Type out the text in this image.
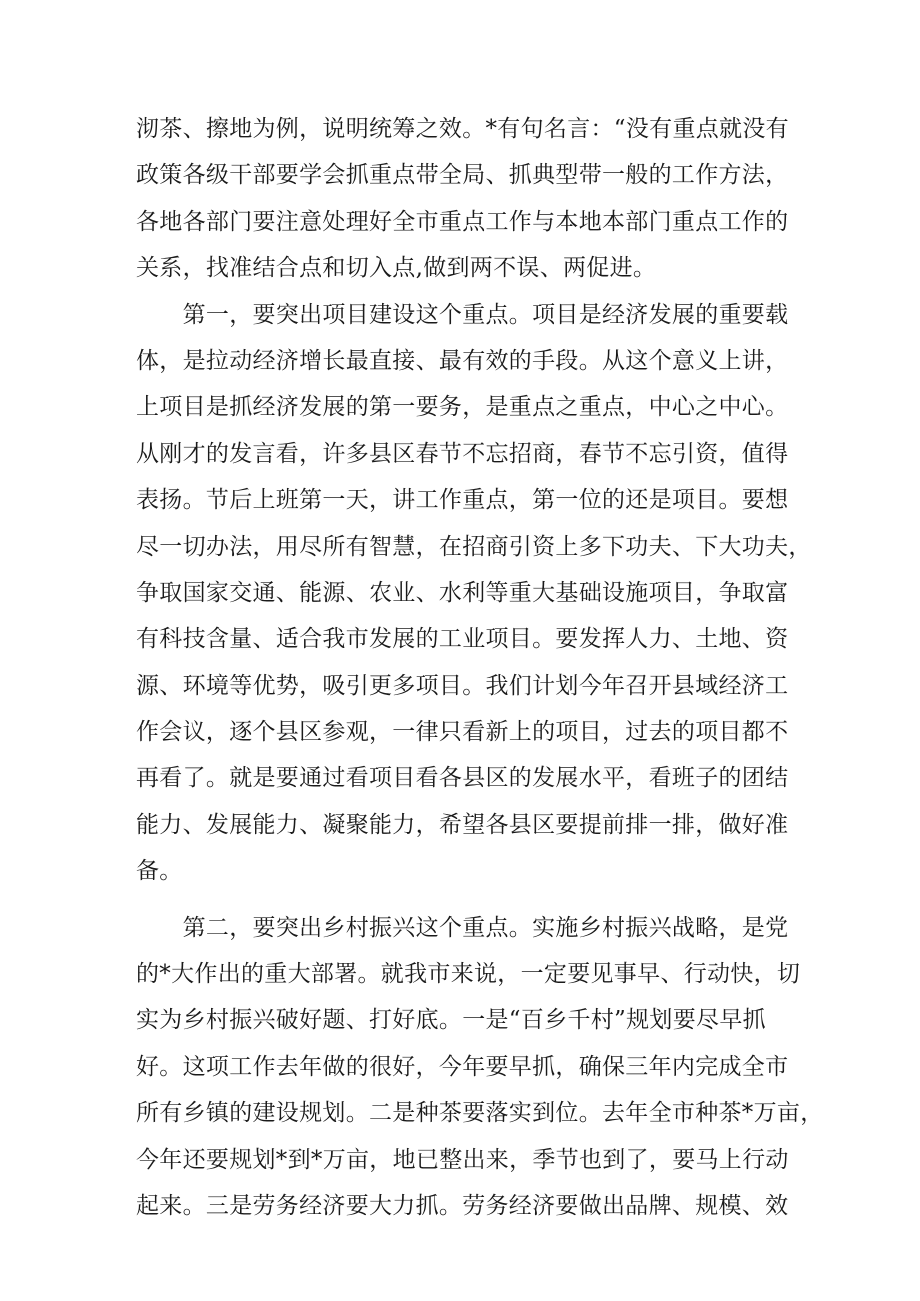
沏茶、擦地为例，说明统筹之效。*有句名言：“没有重点就没有
政策各级干部要学会抓重点带全局、抓典型带一般的工作方法，
各地各部门要注意处理好全市重点工作与本地本部门重点工作的
关系，找准结合点和切入点,做到两不误、两促进。
　　第一，要突出项目建设这个重点。项目是经济发展的重要载
体，是拉动经济增长最直接、最有效的手段。从这个意义上讲，
上项目是抓经济发展的第一要务，是重点之重点，中心之中心。
从刚才的发言看，许多县区春节不忘招商，春节不忘引资，值得
表扬。节后上班第一天，讲工作重点，第一位的还是项目。要想
尽一切办法，用尽所有智慧，在招商引资上多下功夫、下大功夫，
争取国家交通、能源、农业、水利等重大基础设施项目，争取富
有科技含量、适合我市发展的工业项目。要发挥人力、土地、资
源、环境等优势，吸引更多项目。我们计划今年召开县域经济工
作会议，逐个县区参观，一律只看新上的项目，过去的项目都不
再看了。就是要通过看项目看各县区的发展水平，看班子的团结
能力、发展能力、凝聚能力，希望各县区要提前排一排，做好准
备。
　　第二，要突出乡村振兴这个重点。实施乡村振兴战略，是党
的*大作出的重大部署。就我市来说，一定要见事早、行动快，切
实为乡村振兴破好题、打好底。一是“百乡千村”规划要尽早抓
好。这项工作去年做的很好，今年要早抓，确保三年内完成全市
所有乡镇的建设规划。二是种茶要落实到位。去年全市种茶*万亩，
今年还要规划*到*万亩，地已整出来，季节也到了，要马上行动
起来。三是劳务经济要大力抓。劳务经济要做出品牌、规模、效
